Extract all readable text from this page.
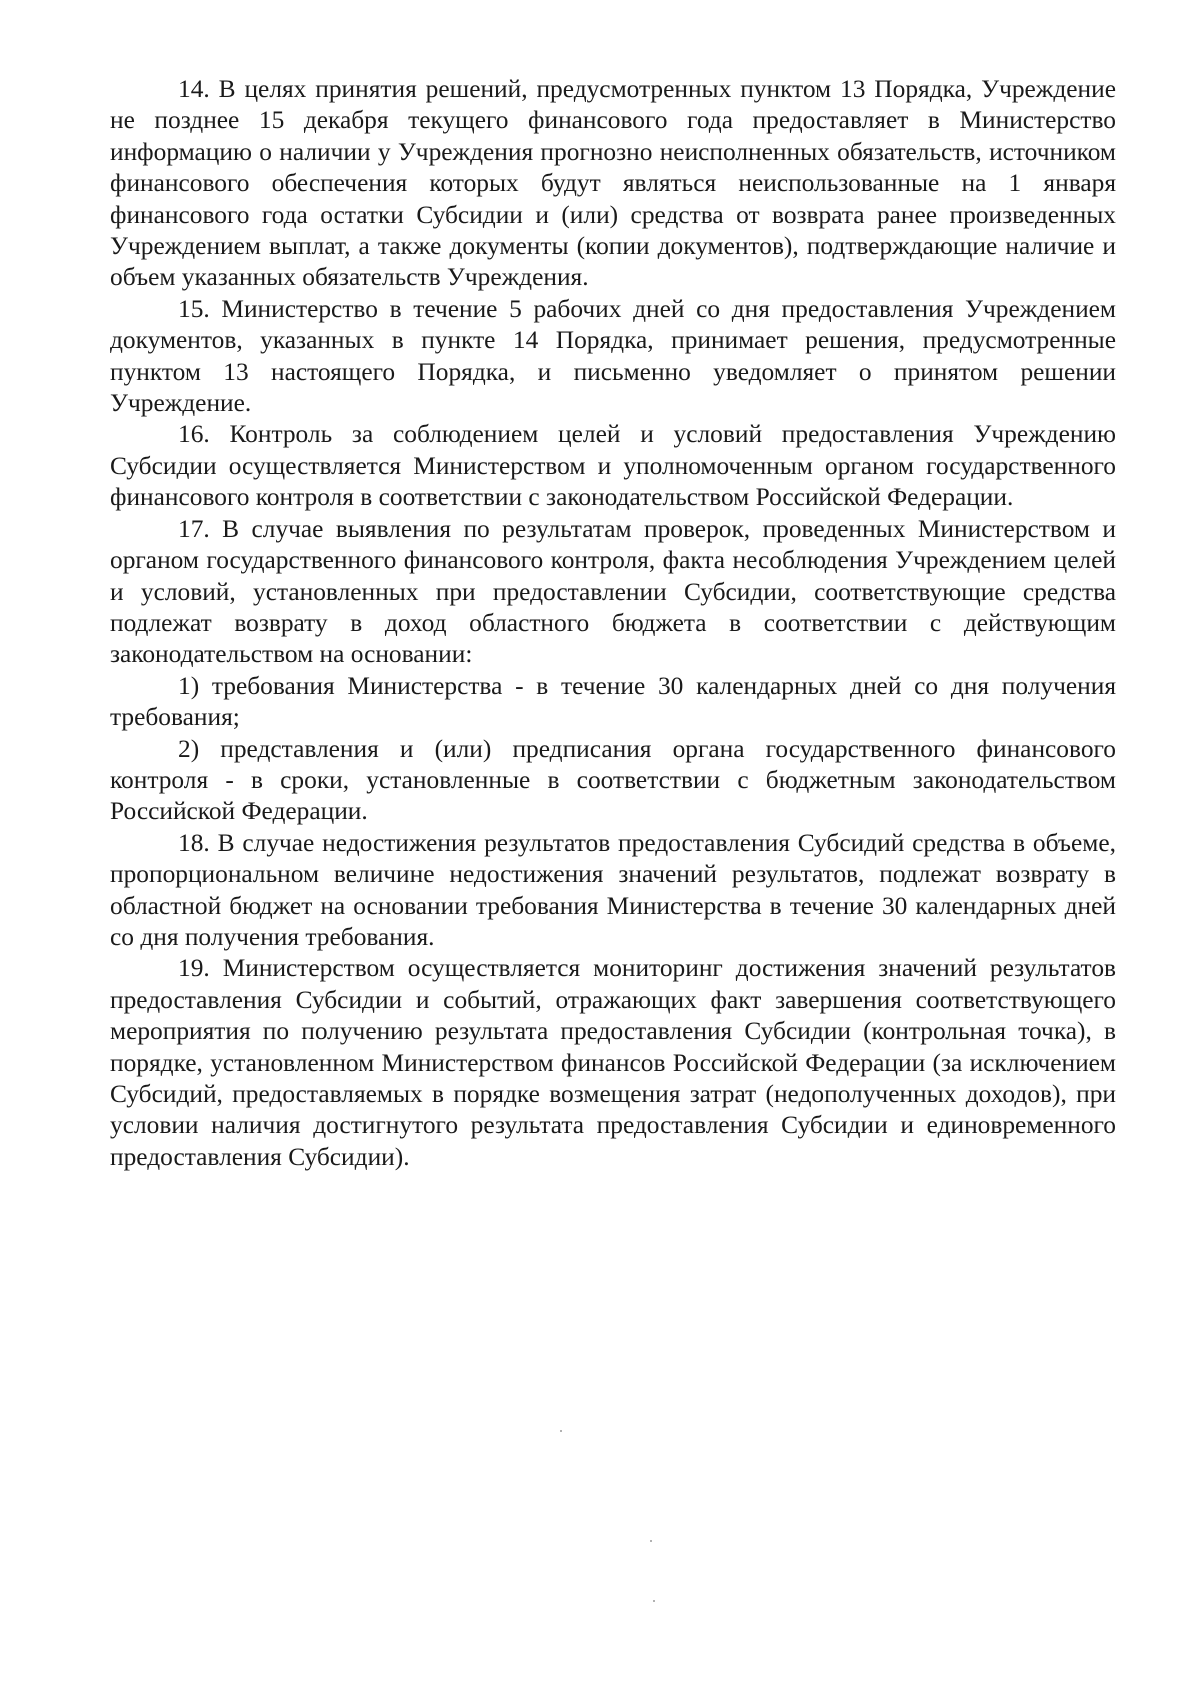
14. В целях принятия решений, предусмотренных пунктом 13 Порядка, Учреждение не позднее 15 декабря текущего финансового года предоставляет в Министерство информацию о наличии у Учреждения прогнозно неисполненных обязательств, источником финансового обеспечения которых будут являться неиспользованные на 1 января финансового года остатки Субсидии и (или) средства от возврата ранее произведенных Учреждением выплат, а также документы (копии документов), подтверждающие наличие и объем указанных обязательств Учреждения.

15. Министерство в течение 5 рабочих дней со дня предоставления Учреждением документов, указанных в пункте 14 Порядка, принимает решения, предусмотренные пунктом 13 настоящего Порядка, и письменно уведомляет о принятом решении Учреждение.

16. Контроль за соблюдением целей и условий предоставления Учреждению Субсидии осуществляется Министерством и уполномоченным органом государственного финансового контроля в соответствии с законодательством Российской Федерации.

17. В случае выявления по результатам проверок, проведенных Министерством и органом государственного финансового контроля, факта несоблюдения Учреждением целей и условий, установленных при предоставлении Субсидии, соответствующие средства подлежат возврату в доход областного бюджета в соответствии с действующим законодательством на основании:

1) требования Министерства - в течение 30 календарных дней со дня получения требования;

2) представления и (или) предписания органа государственного финансового контроля - в сроки, установленные в соответствии с бюджетным законодательством Российской Федерации.

18. В случае недостижения результатов предоставления Субсидий средства в объеме, пропорциональном величине недостижения значений результатов, подлежат возврату в областной бюджет на основании требования Министерства в течение 30 календарных дней со дня получения требования.

19. Министерством осуществляется мониторинг достижения значений результатов предоставления Субсидии и событий, отражающих факт завершения соответствующего мероприятия по получению результата предоставления Субсидии (контрольная точка), в порядке, установленном Министерством финансов Российской Федерации (за исключением Субсидий, предоставляемых в порядке возмещения затрат (недополученных доходов), при условии наличия достигнутого результата предоставления Субсидии и единовременного предоставления Субсидии).
